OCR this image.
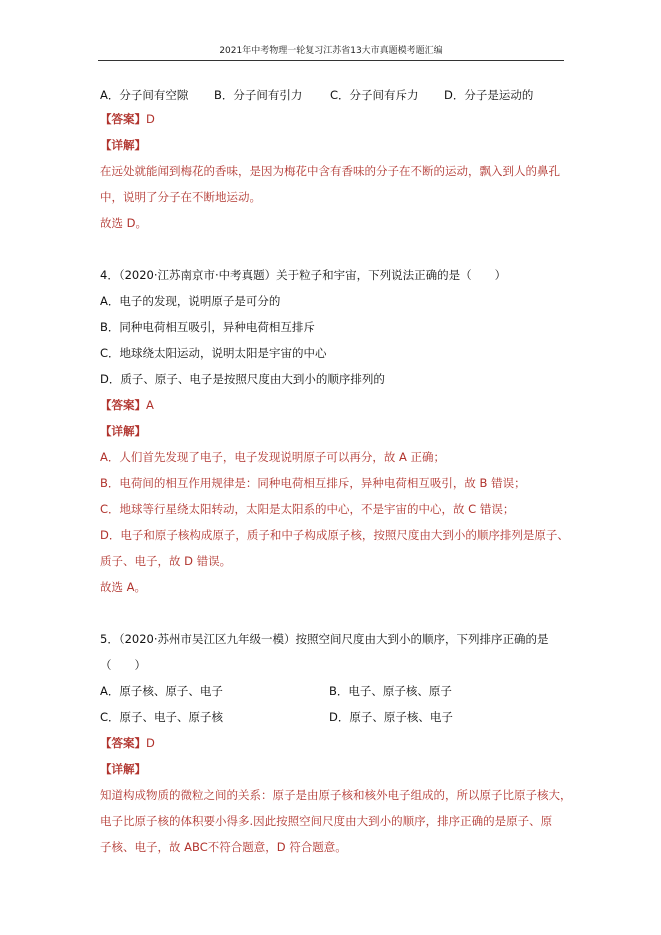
2021年中考物理一轮复习江苏省13大市真题模考题汇编
A．分子间有空隙 B．分子间有引力 C．分子间有斥力 D．分子是运动的
【答案】D
【详解】
在远处就能闻到梅花的香味，是因为梅花中含有香味的分子在不断的运动，飘入到人的鼻孔
中，说明了分子在不断地运动。
故选 D。
4．（2020·江苏南京市·中考真题）关于粒子和宇宙，下列说法正确的是（　　）
A．电子的发现，说明原子是可分的
B．同种电荷相互吸引，异种电荷相互排斥
C．地球绕太阳运动，说明太阳是宇宙的中心
D．质子、原子、电子是按照尺度由大到小的顺序排列的
【答案】A
【详解】
A．人们首先发现了电子，电子发现说明原子可以再分，故 A 正确；
B．电荷间的相互作用规律是：同种电荷相互排斥，异种电荷相互吸引，故 B 错误；
C．地球等行星绕太阳转动，太阳是太阳系的中心，不是宇宙的中心，故 C 错误；
D．电子和原子核构成原子，质子和中子构成原子核，按照尺度由大到小的顺序排列是原子、
质子、电子，故 D 错误。
故选 A。
5．（2020·苏州市吴江区九年级一模）按照空间尺度由大到小的顺序，下列排序正确的是
（　　）
A．原子核、原子、电子	B．电子、原子核、原子
C．原子、电子、原子核	D．原子、原子核、电子
【答案】D
【详解】
知道构成物质的微粒之间的关系：原子是由原子核和核外电子组成的，所以原子比原子核大，
电子比原子核的体积要小得多.因此按照空间尺度由大到小的顺序，排序正确的是原子、原
子核、电子，故 ABC不符合题意，D 符合题意。
